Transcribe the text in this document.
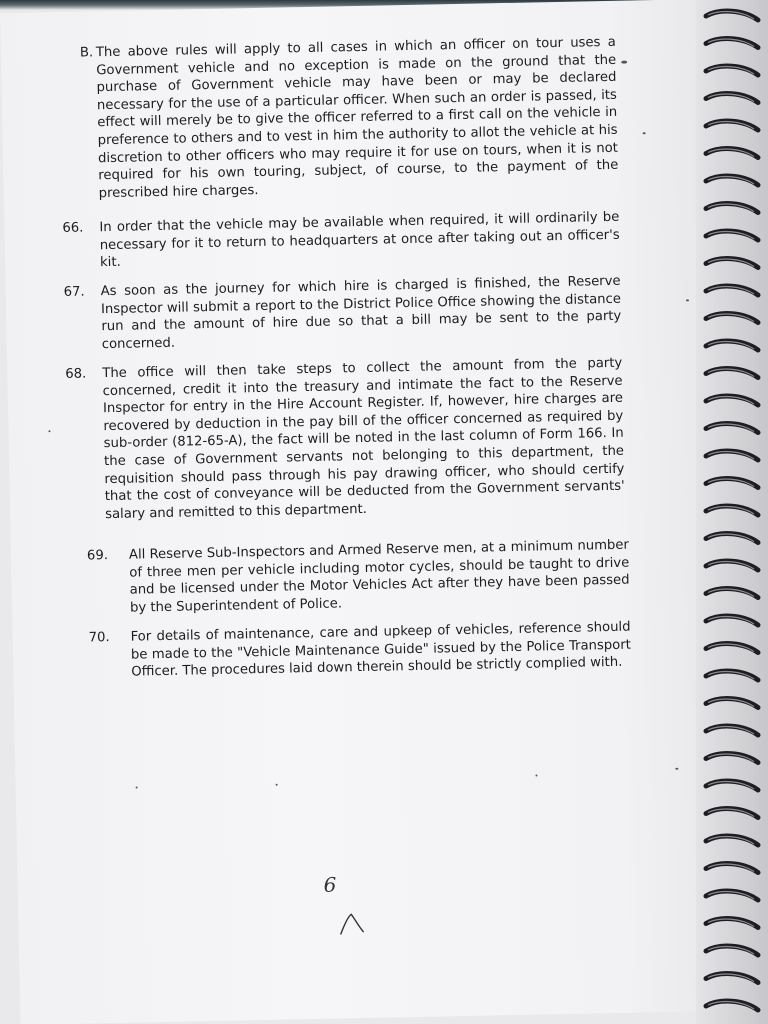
B. The above rules will apply to all cases in which an officer on tour uses a Government vehicle and no exception is made on the ground that the purchase of Government vehicle may have been or may be declared necessary for the use of a particular officer. When such an order is passed, its effect will merely be to give the officer referred to a first call on the vehicle in preference to others and to vest in him the authority to allot the vehicle at his discretion to other officers who may require it for use on tours, when it is not required for his own touring, subject, of course, to the payment of the prescribed hire charges.

66. In order that the vehicle may be available when required, it will ordinarily be necessary for it to return to headquarters at once after taking out an officer's kit.

67. As soon as the journey for which hire is charged is finished, the Reserve Inspector will submit a report to the District Police Office showing the distance run and the amount of hire due so that a bill may be sent to the party concerned.

68. The office will then take steps to collect the amount from the party concerned, credit it into the treasury and intimate the fact to the Reserve Inspector for entry in the Hire Account Register. If, however, hire charges are recovered by deduction in the pay bill of the officer concerned as required by sub-order (812-65-A), the fact will be noted in the last column of Form 166. In the case of Government servants not belonging to this department, the requisition should pass through his pay drawing officer, who should certify that the cost of conveyance will be deducted from the Government servants' salary and remitted to this department.

69. All Reserve Sub-Inspectors and Armed Reserve men, at a minimum number of three men per vehicle including motor cycles, should be taught to drive and be licensed under the Motor Vehicles Act after they have been passed by the Superintendent of Police.

70. For details of maintenance, care and upkeep of vehicles, reference should be made to the "Vehicle Maintenance Guide" issued by the Police Transport Officer. The procedures laid down therein should be strictly complied with.

6
